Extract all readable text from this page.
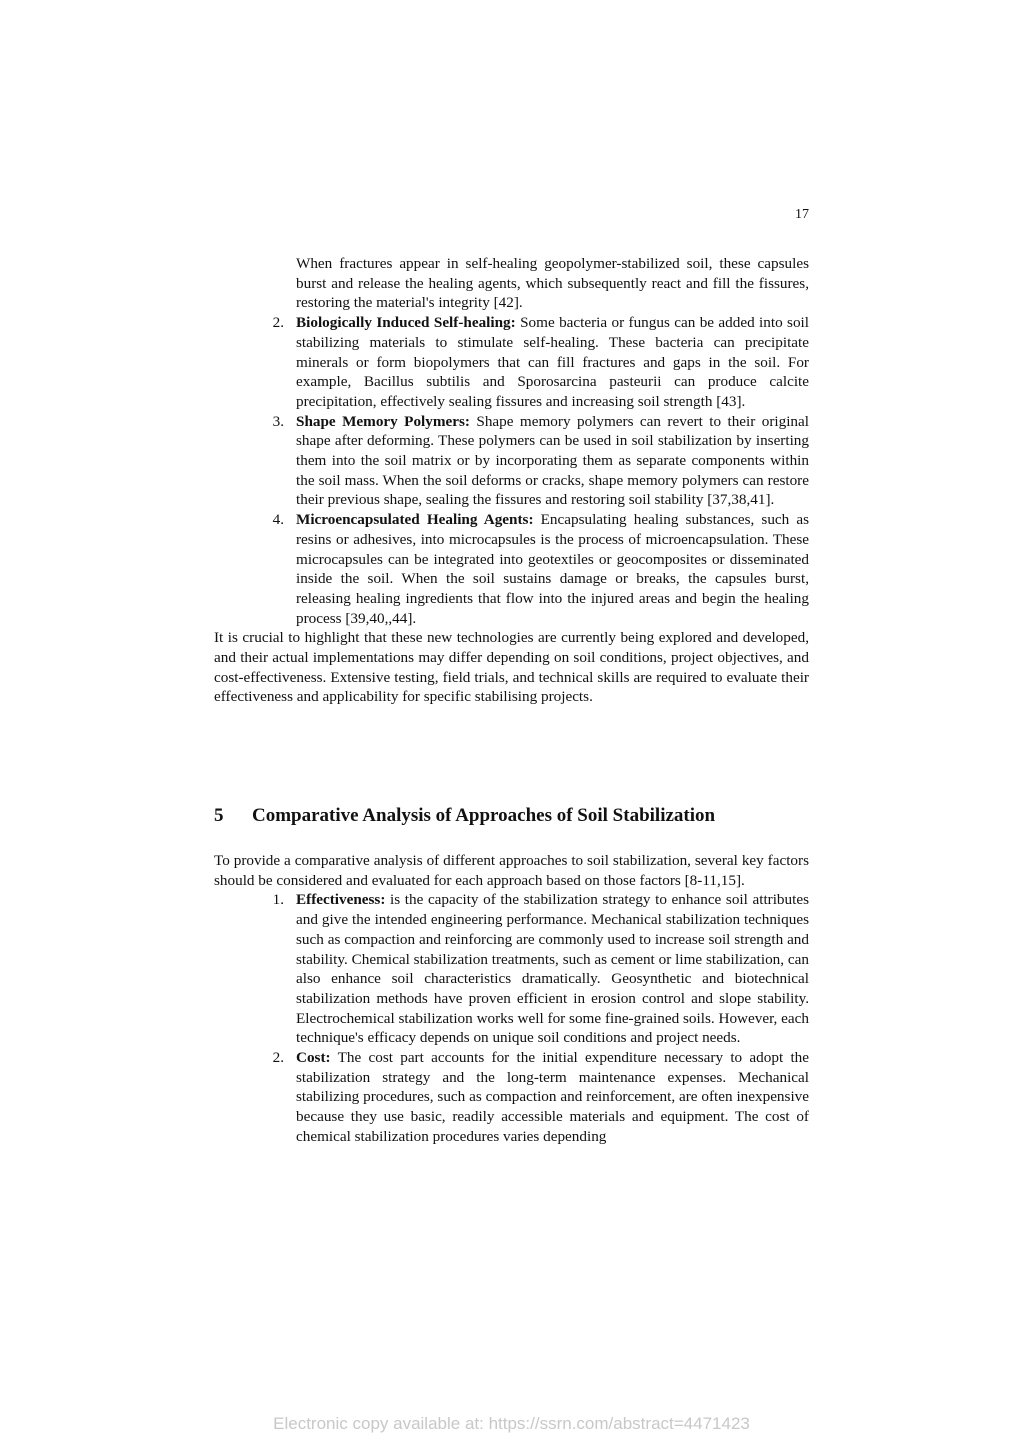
17
When fractures appear in self-healing geopolymer-stabilized soil, these capsules burst and release the healing agents, which subsequently react and fill the fissures, restoring the material's integrity [42].
2. Biologically Induced Self-healing: Some bacteria or fungus can be added into soil stabilizing materials to stimulate self-healing. These bacteria can precipitate minerals or form biopolymers that can fill fractures and gaps in the soil. For example, Bacillus subtilis and Sporosarcina pasteurii can produce calcite precipitation, effectively sealing fissures and increasing soil strength [43].
3. Shape Memory Polymers: Shape memory polymers can revert to their original shape after deforming. These polymers can be used in soil stabilization by inserting them into the soil matrix or by incorporating them as separate components within the soil mass. When the soil deforms or cracks, shape memory polymers can restore their previous shape, sealing the fissures and restoring soil stability [37,38,41].
4. Microencapsulated Healing Agents: Encapsulating healing substances, such as resins or adhesives, into microcapsules is the process of microencapsulation. These microcapsules can be integrated into geotextiles or geocomposites or disseminated inside the soil. When the soil sustains damage or breaks, the capsules burst, releasing healing ingredients that flow into the injured areas and begin the healing process [39,40,,44].
It is crucial to highlight that these new technologies are currently being explored and developed, and their actual implementations may differ depending on soil conditions, project objectives, and cost-effectiveness. Extensive testing, field trials, and technical skills are required to evaluate their effectiveness and applicability for specific stabilising projects.
5 Comparative Analysis of Approaches of Soil Stabilization
To provide a comparative analysis of different approaches to soil stabilization, several key factors should be considered and evaluated for each approach based on those factors [8-11,15].
1. Effectiveness: is the capacity of the stabilization strategy to enhance soil attributes and give the intended engineering performance. Mechanical stabilization techniques such as compaction and reinforcing are commonly used to increase soil strength and stability. Chemical stabilization treatments, such as cement or lime stabilization, can also enhance soil characteristics dramatically. Geosynthetic and biotechnical stabilization methods have proven efficient in erosion control and slope stability. Electrochemical stabilization works well for some fine-grained soils. However, each technique's efficacy depends on unique soil conditions and project needs.
2. Cost: The cost part accounts for the initial expenditure necessary to adopt the stabilization strategy and the long-term maintenance expenses. Mechanical stabilizing procedures, such as compaction and reinforcement, are often inexpensive because they use basic, readily accessible materials and equipment. The cost of chemical stabilization procedures varies depending
Electronic copy available at: https://ssrn.com/abstract=4471423
